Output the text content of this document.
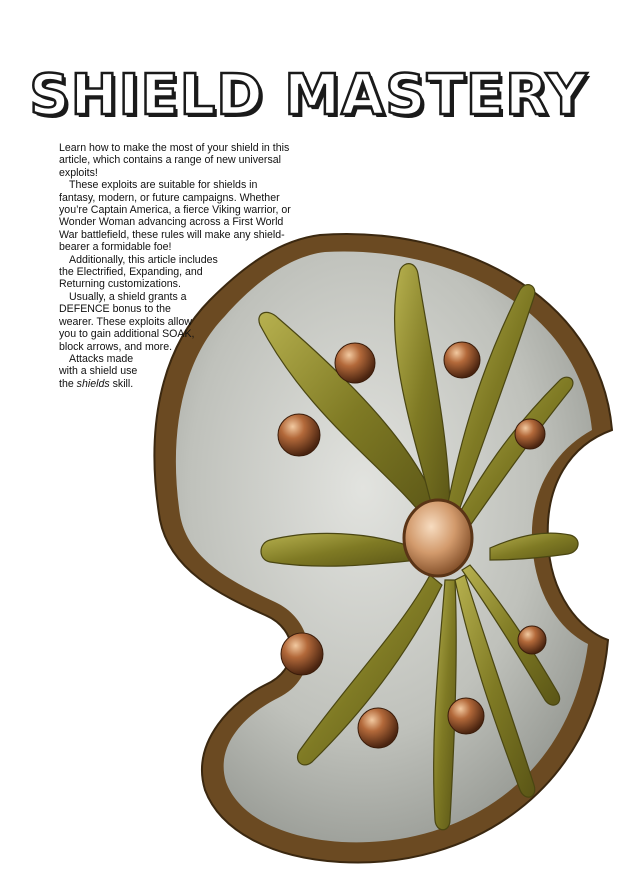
SHIELD MASTERY

Learn how to make the most of your shield in this article, which contains a range of new universal exploits!

These exploits are suitable for shields in fantasy, modern, or future campaigns. Whether you’re Captain America, a fierce Viking warrior, or Wonder Woman advancing across a First World War battlefield, these rules will make any shield-bearer a formidable foe!

Additionally, this article includes the Electrified, Expanding, and Returning customizations.

Usually, a shield grants a DEFENCE bonus to the wearer. These exploits allow you to gain additional SOAK, block arrows, and more.

Attacks made with a shield use the shields skill.
